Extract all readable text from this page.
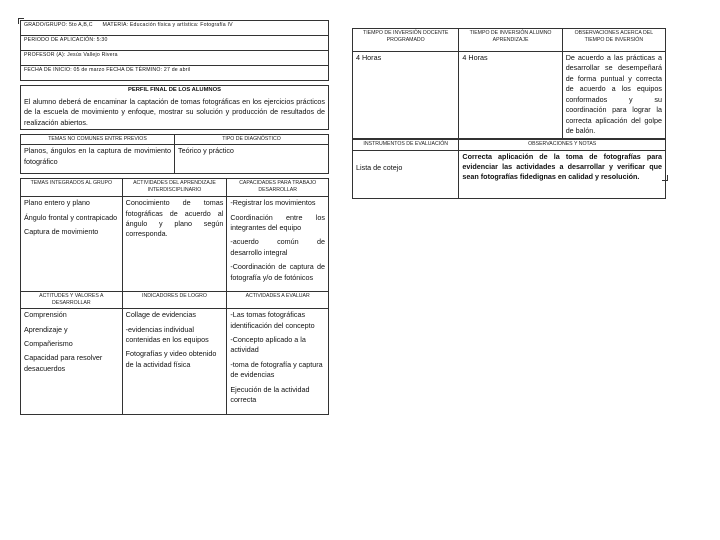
GRADO/GRUPO: 5to A,B,C MATERIA: Educación física y artística: Fotografía IV
PERIODO DE APLICACIÓN: 5:30
PROFESOR (A): Jesús Vallejo Rivera
FECHA DE INICIO: 05 de marzo FECHA DE TÉRMINO: 27 de abril
PERFIL FINAL DE LOS ALUMNOS
El alumno deberá de encaminar la captación de tomas fotográficas en los ejercicios prácticos de la escuela de movimiento y enfoque, mostrar su solución y producción de resultados de realización abiertos.
TEMAS NO COMUNES ENTRE PREVIOS	TIPO DE DIAGNÓSTICO
Planos, ángulos en la captura de movimiento fotográfico	Teórico y práctico
TEMAS INTEGRADOS AL GRUPO	ACTIVIDADES DEL APRENDIZAJE INTERDISCIPLINARIO	CAPACIDADES PARA TRABAJO DESARROLLAR

Plano entero y plano
Ángulo frontal y contrapicado
Captura de movimiento	Conocimiento de tomas fotográficas de acuerdo al ángulo y plano según corresponda.	-Registrar los movimientos
Coordinación entre los integrantes del equipo
-acuerdo común de desarrollo integral
-Coordinación de captura de fotografía y/o de fotónicos

ACTITUDES Y VALORES A DESARROLLAR	INDICADORES DE LOGRO	ACTIVIDADES A EVALUAR

Comprensión
Aprendizaje y
Compañerismo
Capacidad para resolver desacuerdos	Collage de evidencias
-evidencias individual contenidas en los equipos
Fotografías y video obtenido de la actividad física	-Las tomas fotográficas identificación del concepto
-Concepto aplicado a la actividad
-toma de fotografía y captura de evidencias
Ejecución de la actividad correcta
TIEMPO DE INVERSIÓN DOCENTE PROGRAMADO	TIEMPO DE INVERSIÓN ALUMNO APRENDIZAJE	OBSERVACIONES ACERCA DEL TIEMPO DE INVERSIÓN
4 Horas	4 Horas	De acuerdo a las prácticas a desarrollar se desempeñará de forma puntual y correcta de acuerdo a los equipos conformados y su coordinación para lograr la correcta aplicación del golpe de balón.
INSTRUMENTOS DE EVALUACIÓN	OBSERVACIONES Y NOTAS
Lista de cotejo	Correcta aplicación de la toma de fotografías para evidenciar las actividades a desarrollar y verificar que sean fotografías fidedignas en calidad y resolución.
